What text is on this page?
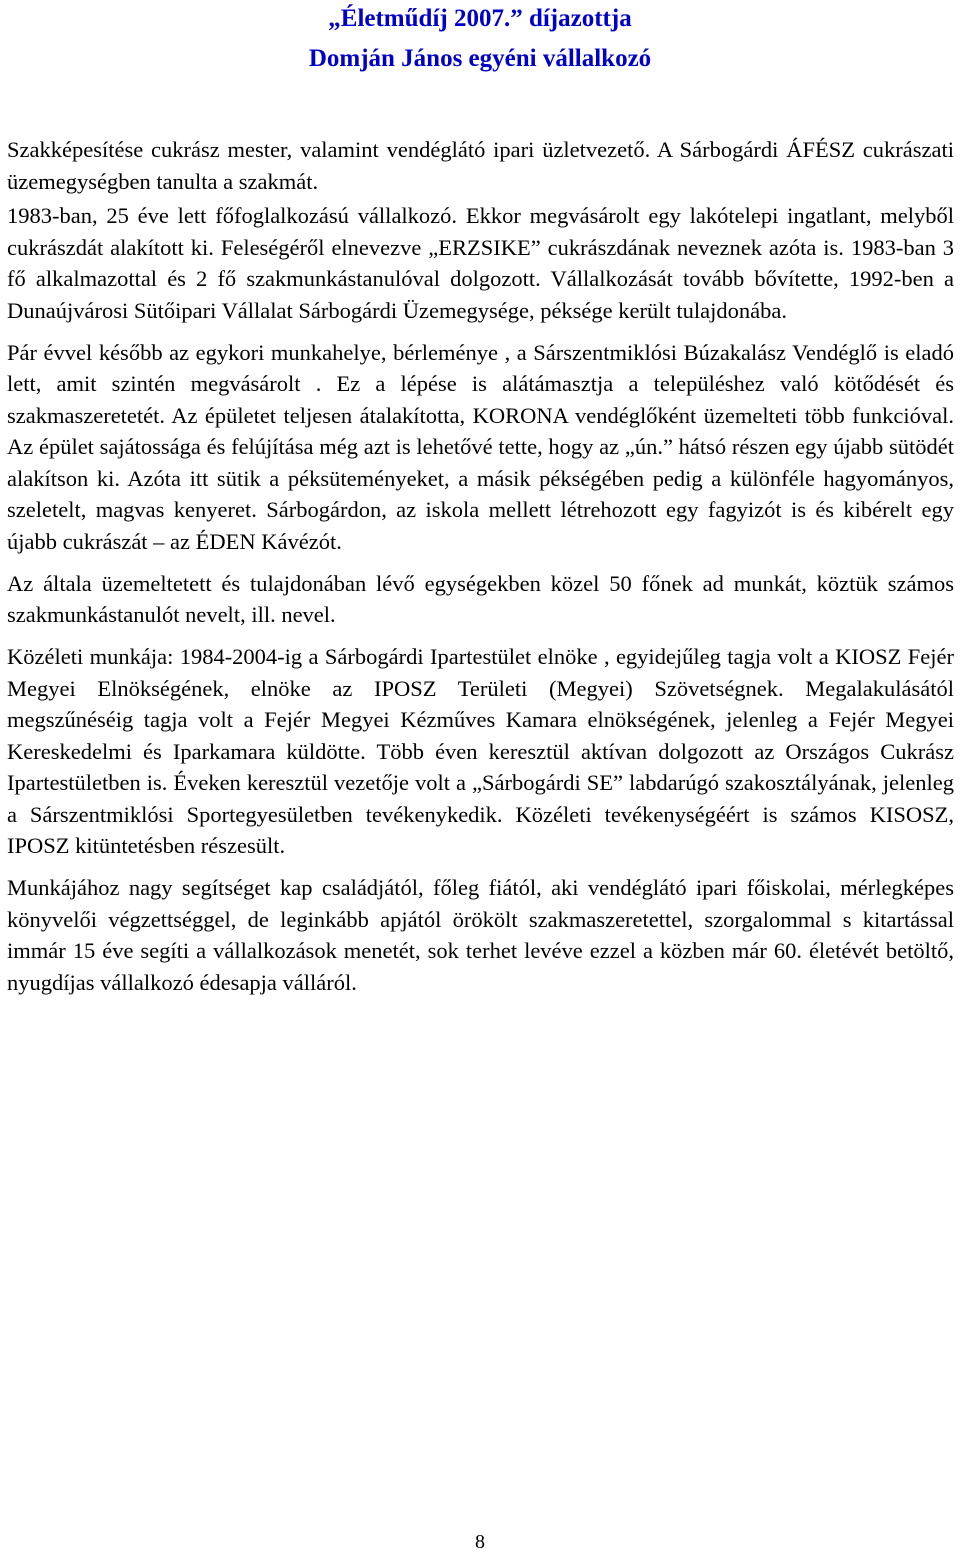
„Életműdíj 2007.” díjazottja
Domján János egyéni vállalkozó

Szakképesítése cukrász mester, valamint vendéglátó ipari üzletvezető. A Sárbogárdi ÁFÉSZ cukrászati üzemegységben tanulta a szakmát.

1983-ban, 25 éve lett főfoglalkozású vállalkozó. Ekkor megvásárolt egy lakótelepi ingatlant, melyből cukrászdát alakított ki. Feleségéről elnevezve „ERZSIKE” cukrászdának neveznek azóta is. 1983-ban 3 fő alkalmazottal és 2 fő szakmunkástanulóval dolgozott. Vállalkozását tovább bővítette, 1992-ben a Dunaújvárosi Sütőipari Vállalat Sárbogárdi Üzemegysége, péksége került tulajdonába.

Pár évvel később az egykori munkahelye, bérleménye , a Sárszentmiklósi Búzakalász Vendéglő is eladó lett, amit szintén megvásárolt . Ez a lépése is alátámasztja a településhez való kötődését és szakmaszeretetét. Az épületet teljesen átalakította, KORONA vendéglőként üzemelteti több funkcióval. Az épület sajátossága és felújítása még azt is lehetővé tette, hogy az „ún.” hátsó részen egy újabb sütödét alakítson ki. Azóta itt sütik a péksüteményeket, a másik pékségében pedig a különféle hagyományos, szeletelt, magvas kenyeret. Sárbogárdon, az iskola mellett létrehozott egy fagyizót is és kibérelt egy újabb cukrászát – az ÉDEN Kávézót.

Az általa üzemeltetett és tulajdonában lévő egységekben közel 50 főnek ad munkát, köztük számos szakmunkástanulót nevelt, ill. nevel.

Közéleti munkája: 1984-2004-ig a Sárbogárdi Ipartestület elnöke , egyidejűleg tagja volt a KIOSZ Fejér Megyei Elnökségének, elnöke az IPOSZ Területi (Megyei) Szövetségnek. Megalakulásától megszűnéséig tagja volt a Fejér Megyei Kézműves Kamara elnökségének, jelenleg a Fejér Megyei Kereskedelmi és Iparkamara küldötte. Több éven keresztül aktívan dolgozott az Országos Cukrász Ipartestületben is. Éveken keresztül vezetője volt a „Sárbogárdi SE” labdarúgó szakosztályának, jelenleg a Sárszentmiklósi Sportegyesületben tevékenykedik. Közéleti tevékenységéért is számos KISOSZ, IPOSZ kitüntetésben részesült.

Munkájához nagy segítséget kap családjától, főleg fiától, aki vendéglátó ipari főiskolai, mérlegképes könyvelői végzettséggel, de leginkább apjától örökölt szakmaszeretettel, szorgalommal s kitartással immár 15 éve segíti a vállalkozások menetét, sok terhet levéve ezzel a közben már 60. életévét betöltő, nyugdíjas vállalkozó édesapja válláról.

8
